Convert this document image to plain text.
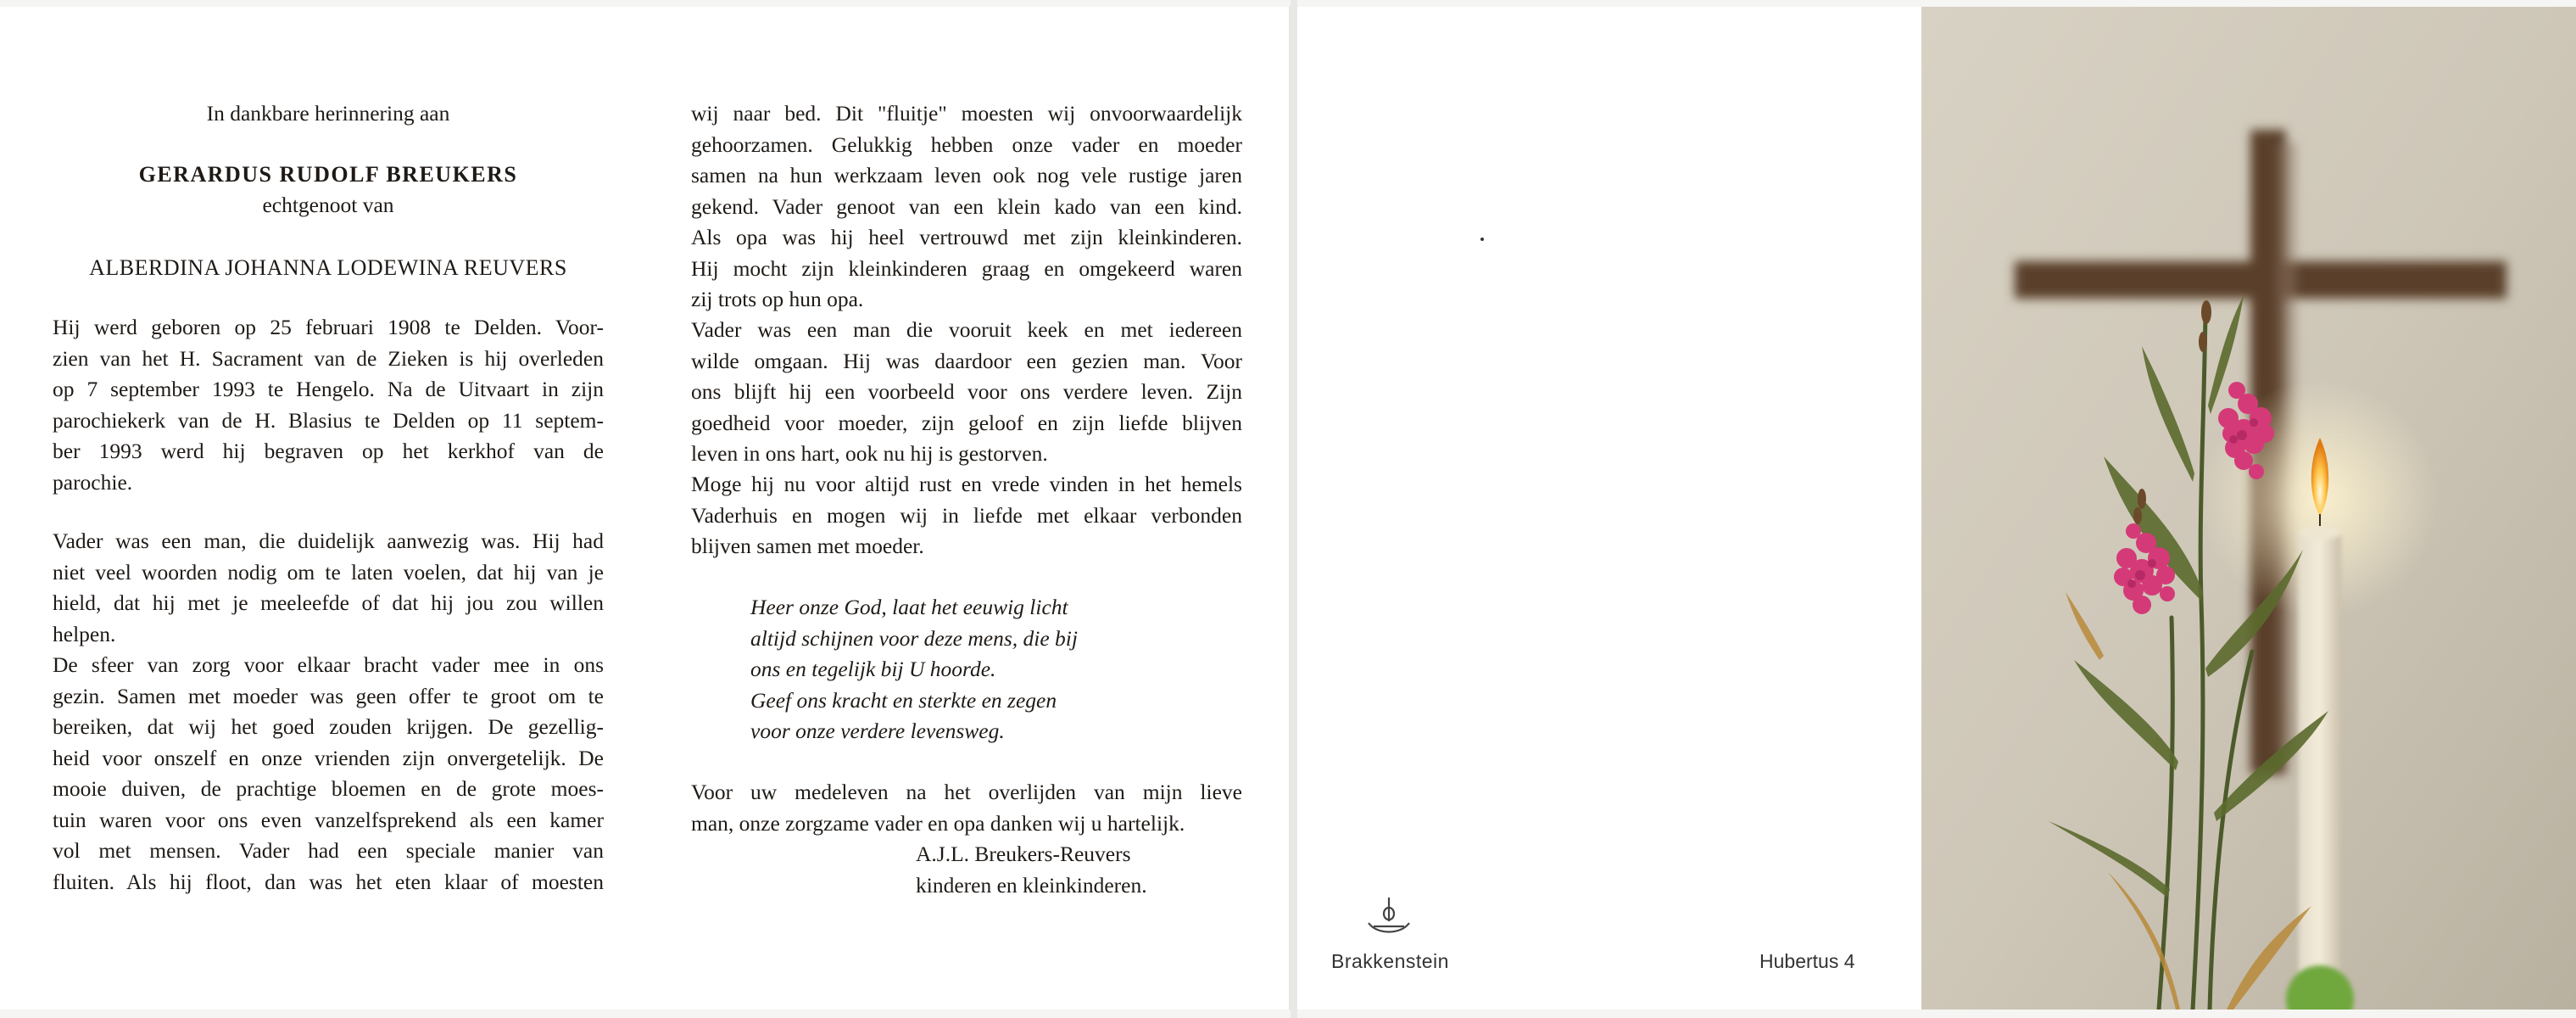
In dankbare herinnering aan
GERARDUS RUDOLF BREUKERS
echtgenoot van
ALBERDINA JOHANNA LODEWINA REUVERS
Hij werd geboren op 25 februari 1908 te Delden. Voor-
zien van het H. Sacrament van de Zieken is hij overleden
op 7 september 1993 te Hengelo. Na de Uitvaart in zijn
parochiekerk van de H. Blasius te Delden op 11 septem-
ber 1993 werd hij begraven op het kerkhof van de
parochie.
Vader was een man, die duidelijk aanwezig was. Hij had
niet veel woorden nodig om te laten voelen, dat hij van je
hield, dat hij met je meeleefde of dat hij jou zou willen
helpen.
De sfeer van zorg voor elkaar bracht vader mee in ons
gezin. Samen met moeder was geen offer te groot om te
bereiken, dat wij het goed zouden krijgen. De gezellig-
heid voor onszelf en onze vrienden zijn onvergetelijk. De
mooie duiven, de prachtige bloemen en de grote moes-
tuin waren voor ons even vanzelfsprekend als een kamer
vol met mensen. Vader had een speciale manier van
fluiten. Als hij floot, dan was het eten klaar of moesten
wij naar bed. Dit "fluitje" moesten wij onvoorwaardelijk
gehoorzamen. Gelukkig hebben onze vader en moeder
samen na hun werkzaam leven ook nog vele rustige jaren
gekend. Vader genoot van een klein kado van een kind.
Als opa was hij heel vertrouwd met zijn kleinkinderen.
Hij mocht zijn kleinkinderen graag en omgekeerd waren
zij trots op hun opa.
Vader was een man die vooruit keek en met iedereen
wilde omgaan. Hij was daardoor een gezien man. Voor
ons blijft hij een voorbeeld voor ons verdere leven. Zijn
goedheid voor moeder, zijn geloof en zijn liefde blijven
leven in ons hart, ook nu hij is gestorven.
Moge hij nu voor altijd rust en vrede vinden in het hemels
Vaderhuis en mogen wij in liefde met elkaar verbonden
blijven samen met moeder.
Heer onze God, laat het eeuwig licht
altijd schijnen voor deze mens, die bij
ons en tegelijk bij U hoorde.
Geef ons kracht en sterkte en zegen
voor onze verdere levensweg.
Voor uw medeleven na het overlijden van mijn lieve
man, onze zorgzame vader en opa danken wij u hartelijk.
A.J.L. Breukers-Reuvers
kinderen en kleinkinderen.
Brakkenstein	Hubertus 4
